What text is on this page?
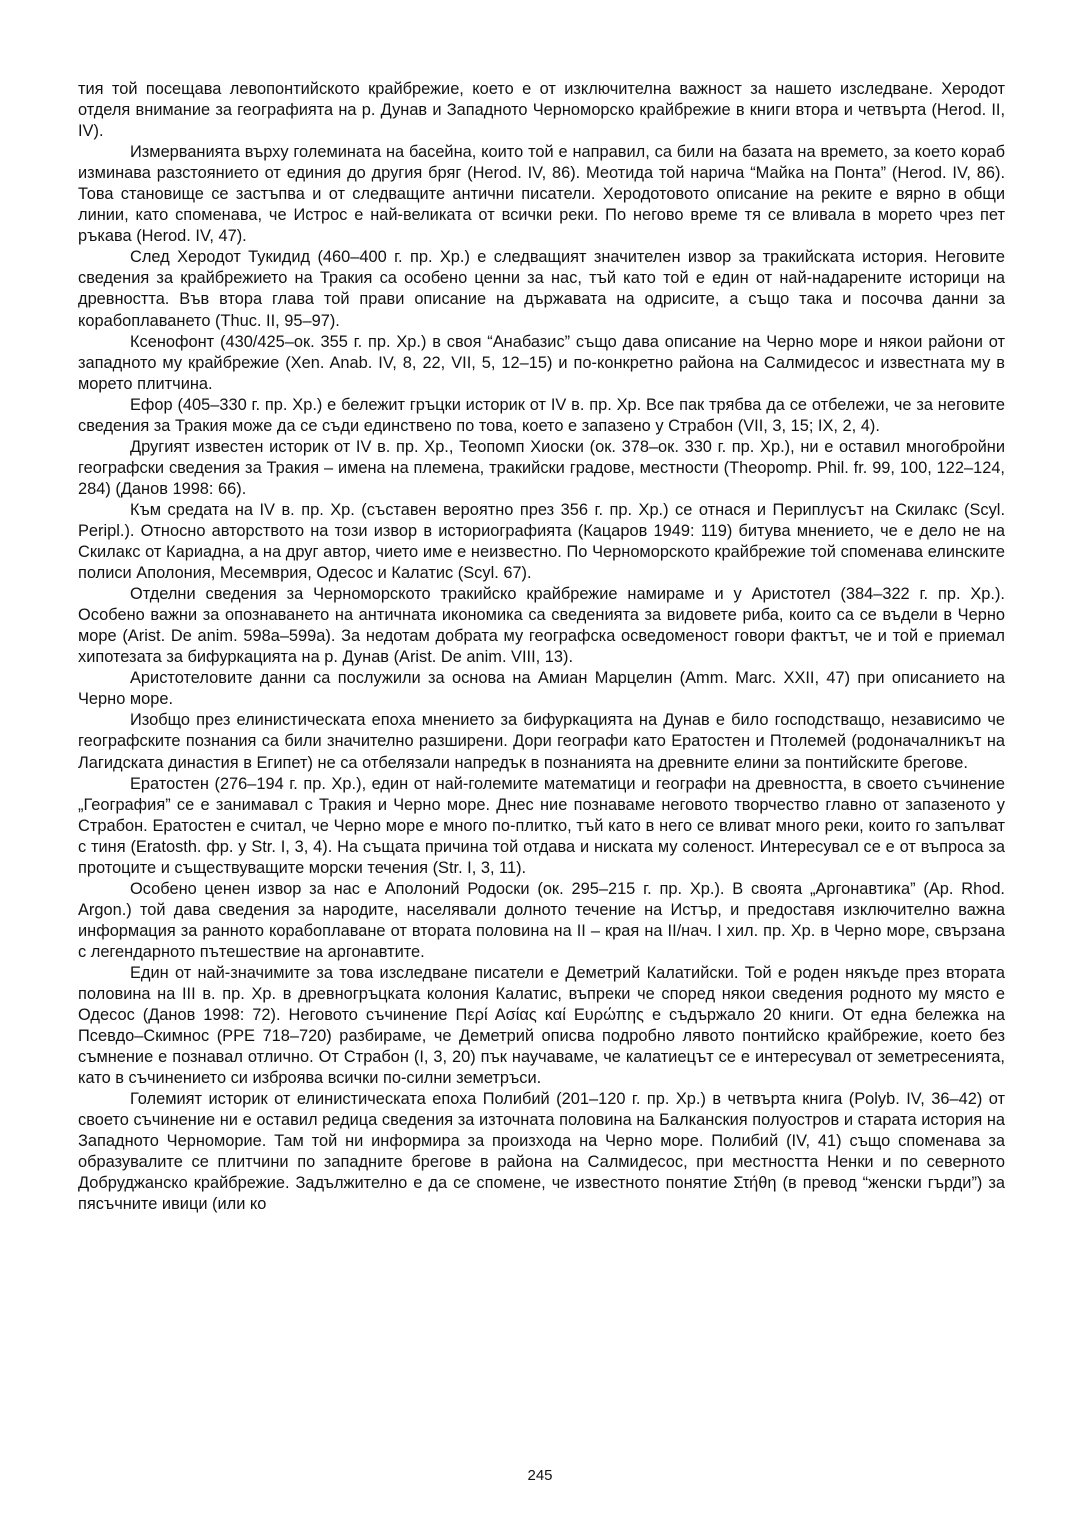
тия той посещава левопонтийското крайбрежие, което е от изключителна важност за нашето изследване. Херодот отделя внимание за географията на р. Дунав и Западното Черноморско крайбрежие в книги втора и четвърта (Herod. II, IV).

Измерванията върху големината на басейна, които той е направил, са били на базата на времето, за което кораб изминава разстоянието от единия до другия бряг (Herod. IV, 86). Меотида той нарича “Майка на Понта” (Herod. IV, 86). Това становище се застъпва и от следващите антични писатели. Херодотовото описание на реките е вярно в общи линии, като споменава, че Истрос е най-великата от всички реки. По негово време тя се вливала в морето чрез пет ръкава (Herod. IV, 47).

След Херодот Тукидид (460–400 г. пр. Хр.) е следващият значителен извор за тракийската история. Неговите сведения за крайбрежието на Тракия са особено ценни за нас, тъй като той е един от най-надарените историци на древността. Във втора глава той прави описание на държавата на одрисите, а също така и посочва данни за корабоплаването (Thuc. II, 95–97).

Ксенофонт (430/425–ок. 355 г. пр. Хр.) в своя “Анабазис” също дава описание на Черно море и някои райони от западното му крайбрежие (Xen. Anab. IV, 8, 22, VII, 5, 12–15) и по-конкретно района на Салмидесос и известната му в морето плитчина.

Ефор (405–330 г. пр. Хр.) е бележит гръцки историк от IV в. пр. Хр. Все пак трябва да се отбележи, че за неговите сведения за Тракия може да се съди единствено по това, което е запазено у Страбон (VII, 3, 15; IX, 2, 4).

Другият известен историк от IV в. пр. Хр., Теопомп Хиоски (ок. 378–ок. 330 г. пр. Хр.), ни е оставил многобройни географски сведения за Тракия – имена на племена, тракийски градове, местности (Theopomp. Phil. fr. 99, 100, 122–124, 284) (Данов 1998: 66).

Към средата на IV в. пр. Хр. (съставен вероятно през 356 г. пр. Хр.) се отнася и Периплусът на Скилакс (Scyl. Peripl.). Относно авторството на този извор в историографията (Кацаров 1949: 119) битува мнението, че е дело не на Скилакс от Кариадна, а на друг автор, чието име е неизвестно. По Черноморското крайбрежие той споменава елинските полиси Аполония, Месемврия, Одесос и Калатис (Scyl. 67).

Отделни сведения за Черноморското тракийско крайбрежие намираме и у Аристотел (384–322 г. пр. Хр.). Особено важни за опознаването на античната икономика са сведенията за видовете риба, които са се въдели в Черно море (Arist. De anim. 598a–599a). За недотам добрата му географска осведоменост говори фактът, че и той е приемал хипотезата за бифуркацията на р. Дунав (Arist. De anim. VIII, 13).

Аристотеловите данни са послужили за основа на Амиан Марцелин (Amm. Marc. XXII, 47) при описанието на Черно море.

Изобщо през елинистическата епоха мнението за бифуркацията на Дунав е било господстващо, независимо че географските познания са били значително разширени. Дори географи като Ератостен и Птолемей (родоначалникът на Лагидската династия в Египет) не са отбелязали напредък в познанията на древните елини за понтийските брегове.

Ератостен (276–194 г. пр. Хр.), един от най-големите математици и географи на древността, в своето съчинение „География” се е занимавал с Тракия и Черно море. Днес ние познаваме неговото творчество главно от запазеното у Страбон. Ератостен е считал, че Черно море е много по-плитко, тъй като в него се вливат много реки, които го запълват с тиня (Eratosth. фр. у Str. I, 3, 4). На същата причина той отдава и ниската му соленост. Интересувал се е от въпроса за протоците и съществуващите морски течения (Str. I, 3, 11).

Особено ценен извор за нас е Аполоний Родоски (ок. 295–215 г. пр. Хр.). В своята „Аргонавтика” (Ap. Rhod. Argon.) той дава сведения за народите, населявали долното течение на Истър, и предоставя изключително важна информация за ранното корабоплаване от втората половина на II – края на II/нач. I хил. пр. Хр. в Черно море, свързана с легендарното пътешествие на аргонавтите.

Един от най-значимите за това изследване писатели е Деметрий Калатийски. Той е роден някъде през втората половина на III в. пр. Хр. в древногръцката колония Калатис, въпреки че според някои сведения родното му място е Одесос (Данов 1998: 72). Неговото съчинение Περί Ασίας καί Ευρώπης е съдържало 20 книги. От една бележка на Псевдо–Скимнос (PPE 718–720) разбираме, че Деметрий описва подробно лявото понтийско крайбрежие, което без съмнение е познавал отлично. От Страбон (I, 3, 20) пък научаваме, че калатиецът се е интересувал от земетресенията, като в съчинението си изброява всички по-силни земетръси.

Големият историк от елинистическата епоха Полибий (201–120 г. пр. Хр.) в четвърта книга (Polyb. IV, 36–42) от своето съчинение ни е оставил редица сведения за източната половина на Балканския полуостров и старата история на Западното Черноморие. Там той ни информира за произхода на Черно море. Полибий (IV, 41) също споменава за образувалите се плитчини по западните брегове в района на Салмидесос, при местността Ненки и по северното Добруджанско крайбрежие. Задължително е да се спомене, че известното понятие Στήθη (в превод “женски гърди”) за пясъчните ивици (или ко

245
